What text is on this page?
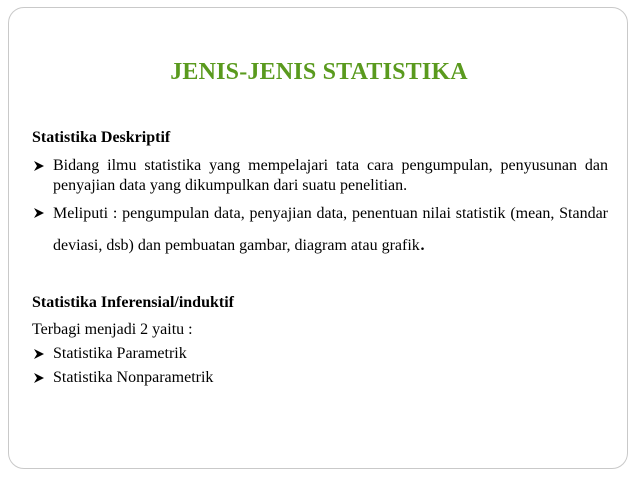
JENIS-JENIS STATISTIKA

Statistika Deskriptif

Bidang ilmu statistika yang mempelajari tata cara pengumpulan, penyusunan dan penyajian data yang dikumpulkan dari suatu penelitian.
Meliputi : pengumpulan data, penyajian data, penentuan nilai statistik (mean, Standar deviasi, dsb) dan pembuatan gambar, diagram atau grafik.

Statistika Inferensial/induktif

Terbagi menjadi 2 yaitu :

Statistika Parametrik
Statistika Nonparametrik
